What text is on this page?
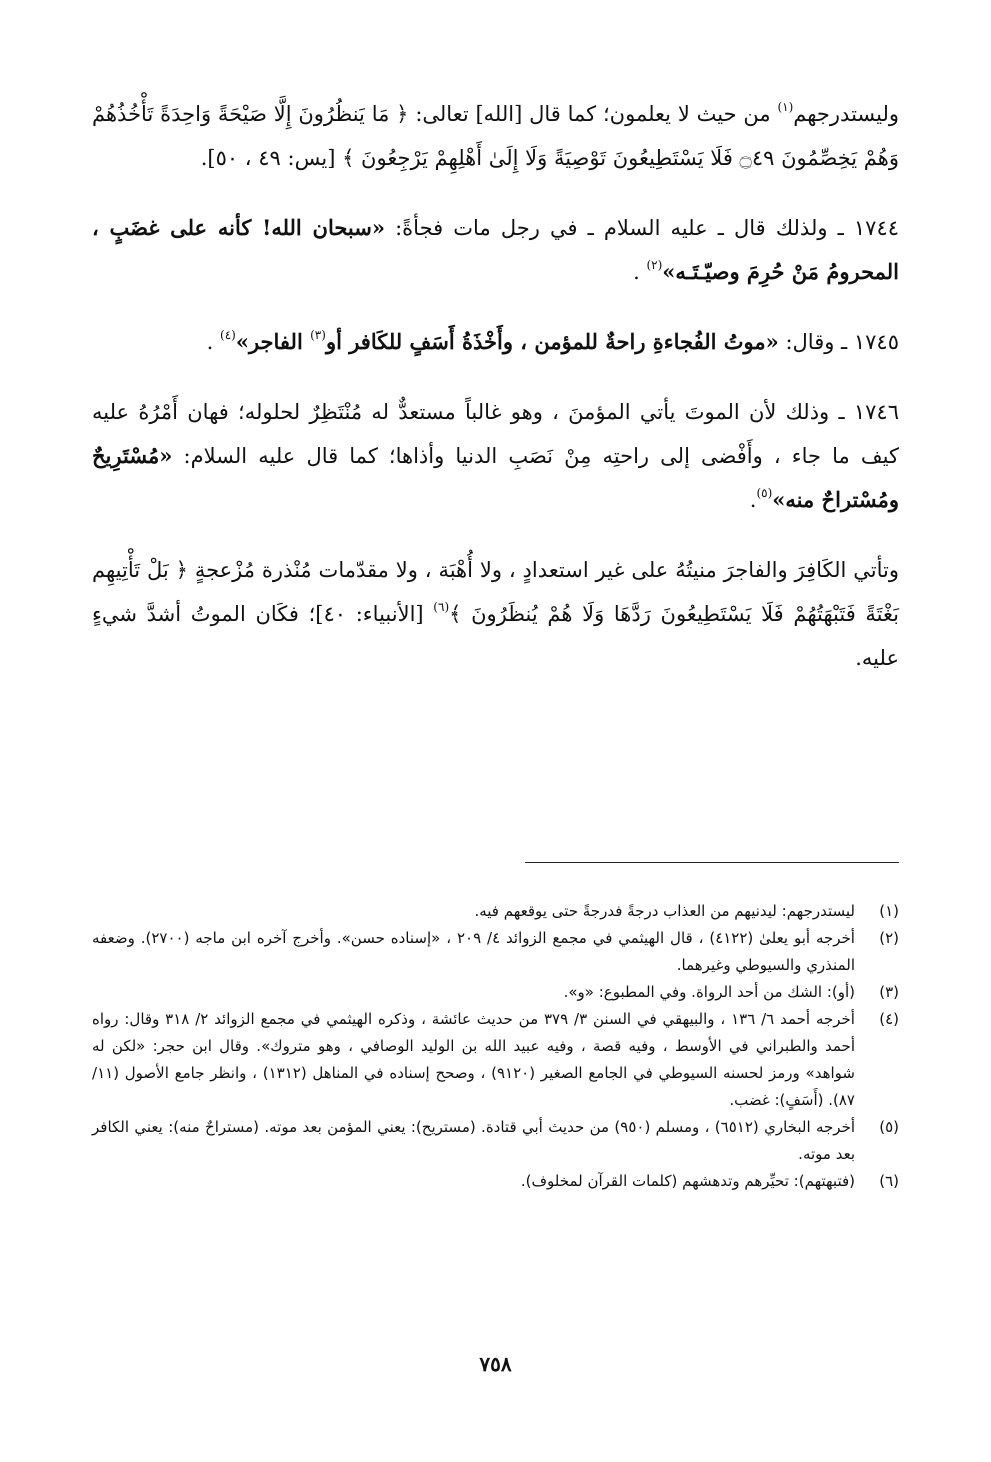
وليستدرجهم$^{(١)}$ من حيث لا يعلمون؛ كما قال [الله] تعالى: ﴿ مَا يَنظُرُونَ إِلَّا صَيْحَةً وَاحِدَةً تَأْخُذُهُمْ وَهُمْ يَخِصِّمُونَ ۝٤٩ فَلَا يَسْتَطِيعُونَ تَوْصِيَةً وَلَا إِلَىٰ أَهْلِهِمْ يَرْجِعُونَ ﴾ [يس: ٤٩ ، ٥٠].

١٧٤٤ ـ ولذلك قال ـ عليه السلام ـ في رجل مات فجأةً: «سبحان الله! كأنه على غضَبٍ ، المحرومُ مَنْ حُرِمَ وصيّـتَـه»$^{(٢)}$ .

١٧٤٥ ـ وقال: «موتُ الفُجاءةِ راحةٌ للمؤمن ، وأَخْذَةُ أَسَفٍ للكَافر أو$^{(٣)}$ الفاجر»$^{(٤)}$ .

١٧٤٦ ـ وذلك لأن الموتَ يأتي المؤمنَ ، وهو غالباً مستعدٌّ له مُنْتَظِرٌ لحلوله؛ فهان أَمْرُهُ عليه كيف ما جاء ، وأَفْضى إلى راحتِه مِنْ نَصَبِ الدنيا وأذاها؛ كما قال عليه السلام: «مُسْتَرِيحٌ ومُسْتراحٌ منه»$^{(٥)}$.

وتأتي الكَافِرَ والفاجرَ منيتُهُ على غير استعدادٍ ، ولا أُهْبَة ، ولا مقدّمات مُنْذرة مُزْعجةٍ ﴿ بَلْ تَأْتِيهِم بَغْتَةً فَتَبْهَتُهُمْ فَلَا يَسْتَطِيعُونَ رَدَّهَا وَلَا هُمْ يُنظَرُونَ ﴾$^{(٦)}$ [الأنبياء: ٤٠]؛ فكَان الموتُ أشدَّ شيءٍ عليه.

(١)
ليستدرجهم: ليدنيهم من العذاب درجةً فدرجةً حتى يوقعهم فيه.
(٢)
أخرجه أبو يعلىٰ (٤١٢٢) ، قال الهيثمي في مجمع الزوائد ٤/ ٢٠٩ ، «إسناده حسن». وأخرج آخره ابن ماجه (٢٧٠٠). وضعفه المنذري والسيوطي وغيرهما.
(٣)
(أو): الشك من أحد الرواة. وفي المطبوع: «و».
(٤)
أخرجه أحمد ٦/ ١٣٦ ، والبيهقي في السنن ٣/ ٣٧٩ من حديث عائشة ، وذكره الهيثمي في مجمع الزوائد ٢/ ٣١٨ وقال: رواه أحمد والطبراني في الأوسط ، وفيه قصة ، وفيه عبيد الله بن الوليد الوصافي ، وهو متروك». وقال ابن حجر: «لكن له شواهد» ورمز لحسنه السيوطي في الجامع الصغير (٩١٢٠) ، وصحح إسناده في المناهل (١٣١٢) ، وانظر جامع الأصول (١١/ ٨٧). (أَسَفٍ): غضب.
(٥)
أخرجه البخاري (٦٥١٢) ، ومسلم (٩٥٠) من حديث أبي قتادة. (مستريح): يعني المؤمن بعد موته. (مستراحٌ منه): يعني الكافر بعد موته.
(٦)
(فتبهتهم): تحيِّرهم وتدهشهم (كلمات القرآن لمخلوف).
٧٥٨
